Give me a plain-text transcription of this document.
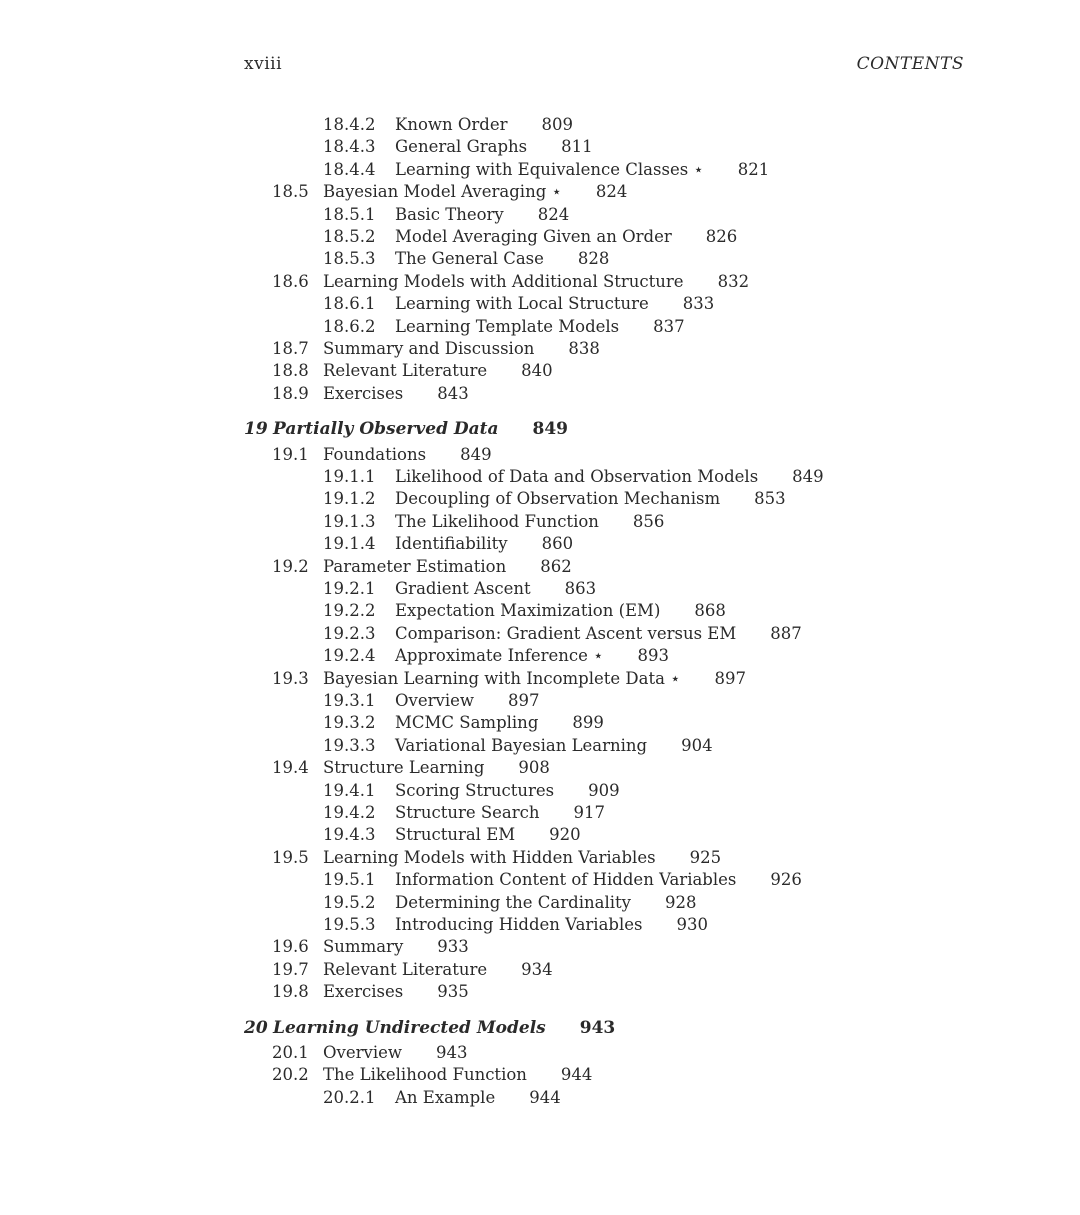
xviii	CONTENTS
18.4.2 Known Order 809
18.4.3 General Graphs 811
18.4.4 Learning with Equivalence Classes ⋆ 821
18.5 Bayesian Model Averaging ⋆ 824
18.5.1 Basic Theory 824
18.5.2 Model Averaging Given an Order 826
18.5.3 The General Case 828
18.6 Learning Models with Additional Structure 832
18.6.1 Learning with Local Structure 833
18.6.2 Learning Template Models 837
18.7 Summary and Discussion 838
18.8 Relevant Literature 840
18.9 Exercises 843
19 Partially Observed Data 849
19.1 Foundations 849
19.1.1 Likelihood of Data and Observation Models 849
19.1.2 Decoupling of Observation Mechanism 853
19.1.3 The Likelihood Function 856
19.1.4 Identifiability 860
19.2 Parameter Estimation 862
19.2.1 Gradient Ascent 863
19.2.2 Expectation Maximization (EM) 868
19.2.3 Comparison: Gradient Ascent versus EM 887
19.2.4 Approximate Inference ⋆ 893
19.3 Bayesian Learning with Incomplete Data ⋆ 897
19.3.1 Overview 897
19.3.2 MCMC Sampling 899
19.3.3 Variational Bayesian Learning 904
19.4 Structure Learning 908
19.4.1 Scoring Structures 909
19.4.2 Structure Search 917
19.4.3 Structural EM 920
19.5 Learning Models with Hidden Variables 925
19.5.1 Information Content of Hidden Variables 926
19.5.2 Determining the Cardinality 928
19.5.3 Introducing Hidden Variables 930
19.6 Summary 933
19.7 Relevant Literature 934
19.8 Exercises 935
20 Learning Undirected Models 943
20.1 Overview 943
20.2 The Likelihood Function 944
20.2.1 An Example 944
